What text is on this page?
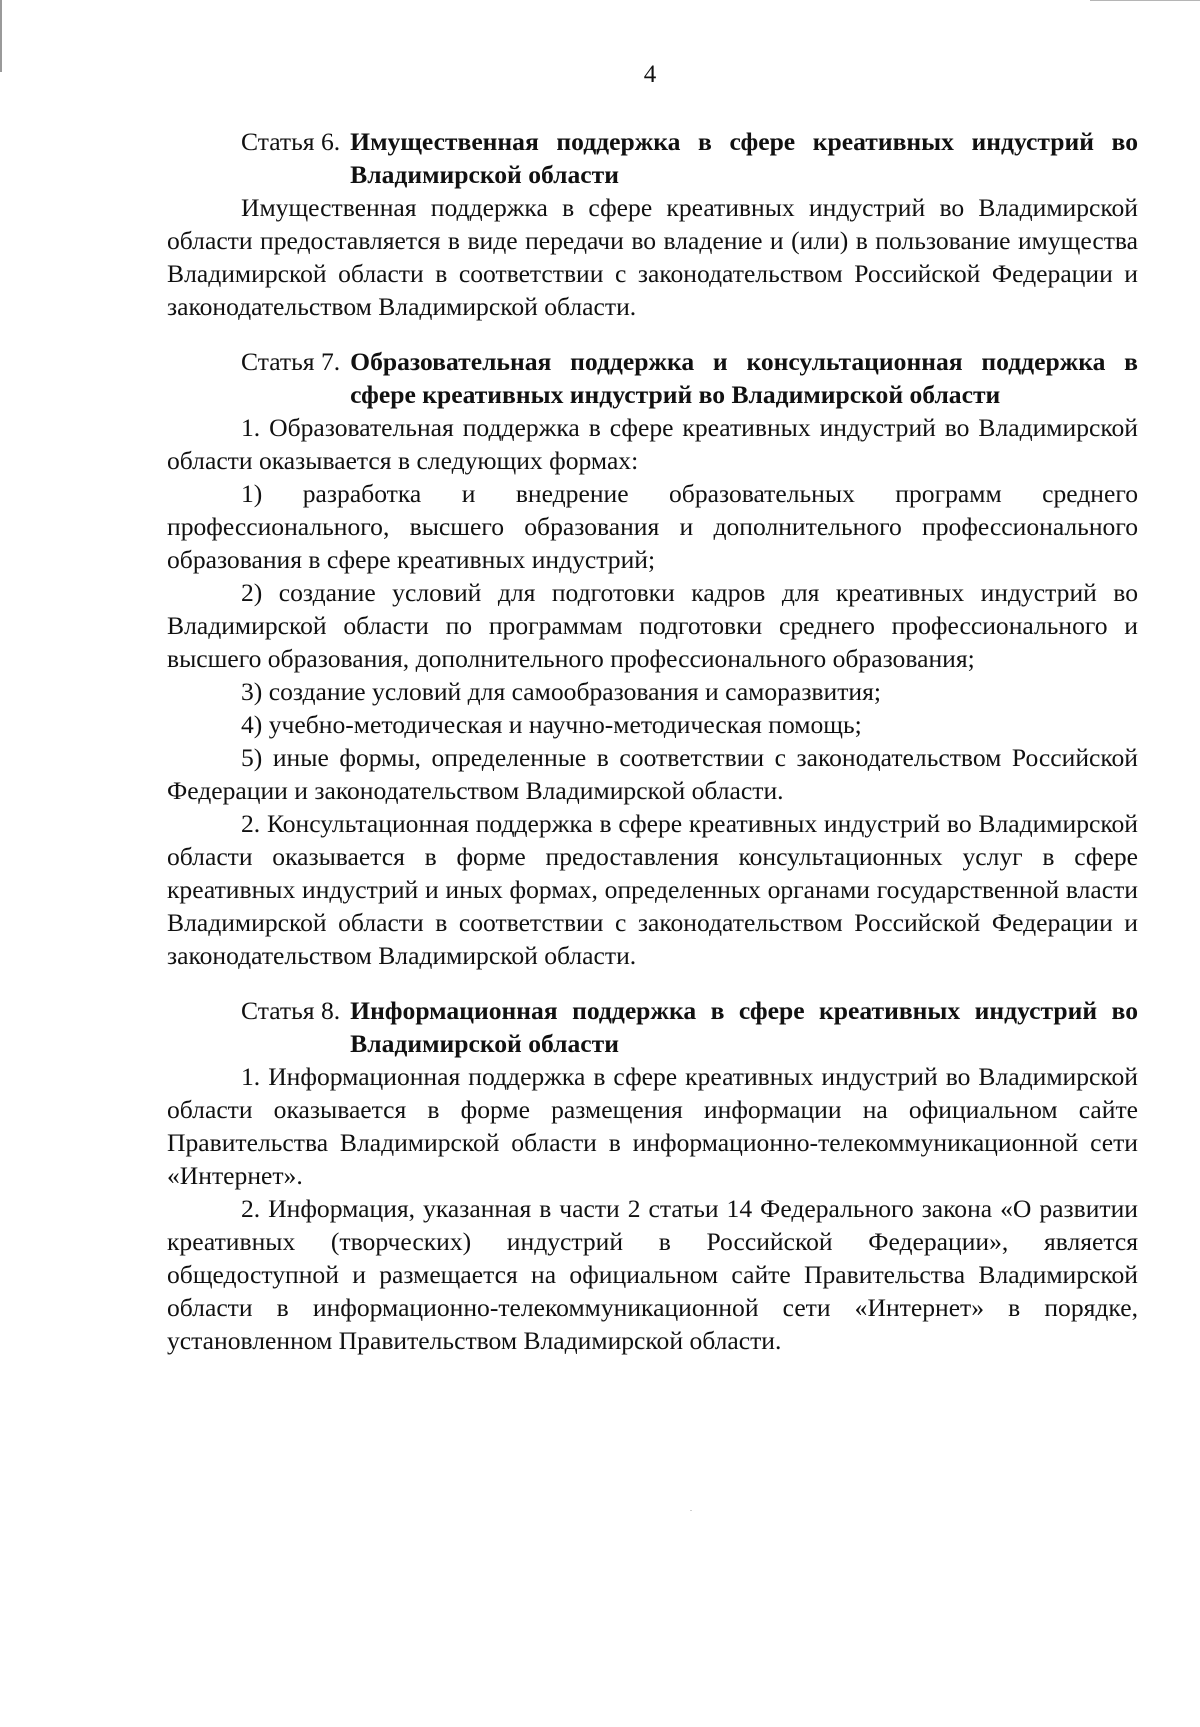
4
Статья 6. Имущественная поддержка в сфере креативных индустрий во Владимирской области

Имущественная поддержка в сфере креативных индустрий во Владимирской области предоставляется в виде передачи во владение и (или) в пользование имущества Владимирской области в соответствии с законодательством Российской Федерации и законодательством Владимирской области.

Статья 7. Образовательная поддержка и консультационная поддержка в сфере креативных индустрий во Владимирской области

1. Образовательная поддержка в сфере креативных индустрий во Владимирской области оказывается в следующих формах:

1) разработка и внедрение образовательных программ среднего профессионального, высшего образования и дополнительного профессионального образования в сфере креативных индустрий;

2) создание условий для подготовки кадров для креативных индустрий во Владимирской области по программам подготовки среднего профессионального и высшего образования, дополнительного профессионального образования;

3) создание условий для самообразования и саморазвития;

4) учебно-методическая и научно-методическая помощь;

5) иные формы, определенные в соответствии с законодательством Российской Федерации и законодательством Владимирской области.

2. Консультационная поддержка в сфере креативных индустрий во Владимирской области оказывается в форме предоставления консультационных услуг в сфере креативных индустрий и иных формах, определенных органами государственной власти Владимирской области в соответствии с законодательством Российской Федерации и законодательством Владимирской области.

Статья 8. Информационная поддержка в сфере креативных индустрий во Владимирской области

1. Информационная поддержка в сфере креативных индустрий во Владимирской области оказывается в форме размещения информации на официальном сайте Правительства Владимирской области в информационно-телекоммуникационной сети «Интернет».

2. Информация, указанная в части 2 статьи 14 Федерального закона «О развитии креативных (творческих) индустрий в Российской Федерации», является общедоступной и размещается на официальном сайте Правительства Владимирской области в информационно-телекоммуникационной сети «Интернет» в порядке, установленном Правительством Владимирской области.
